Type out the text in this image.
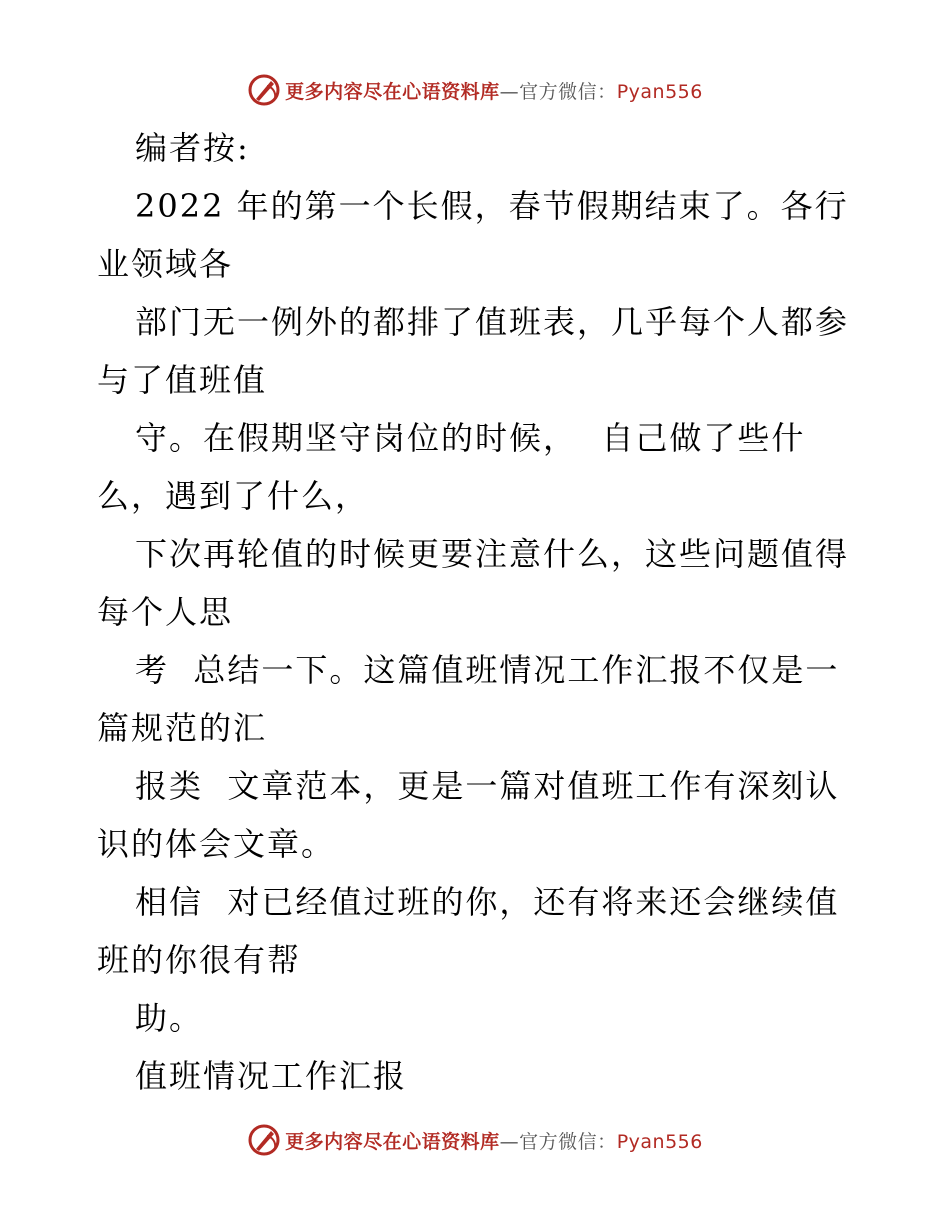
更多内容尽在心语资料库—官方微信：Pyan556
编者按:
2022 年的第一个长假，春节假期结束了。各行
业领域各
部门无一例外的都排了值班表，几乎每个人都参
与了值班值
守。在假期坚守岗位的时候，  自己做了些什
么，遇到了什么，
下次再轮值的时候更要注意什么，这些问题值得
每个人思
考  总结一下。这篇值班情况工作汇报不仅是一
篇规范的汇
报类  文章范本，更是一篇对值班工作有深刻认
识的体会文章。
相信  对已经值过班的你，还有将来还会继续值
班的你很有帮
助。
值班情况工作汇报
更多内容尽在心语资料库—官方微信：Pyan556
